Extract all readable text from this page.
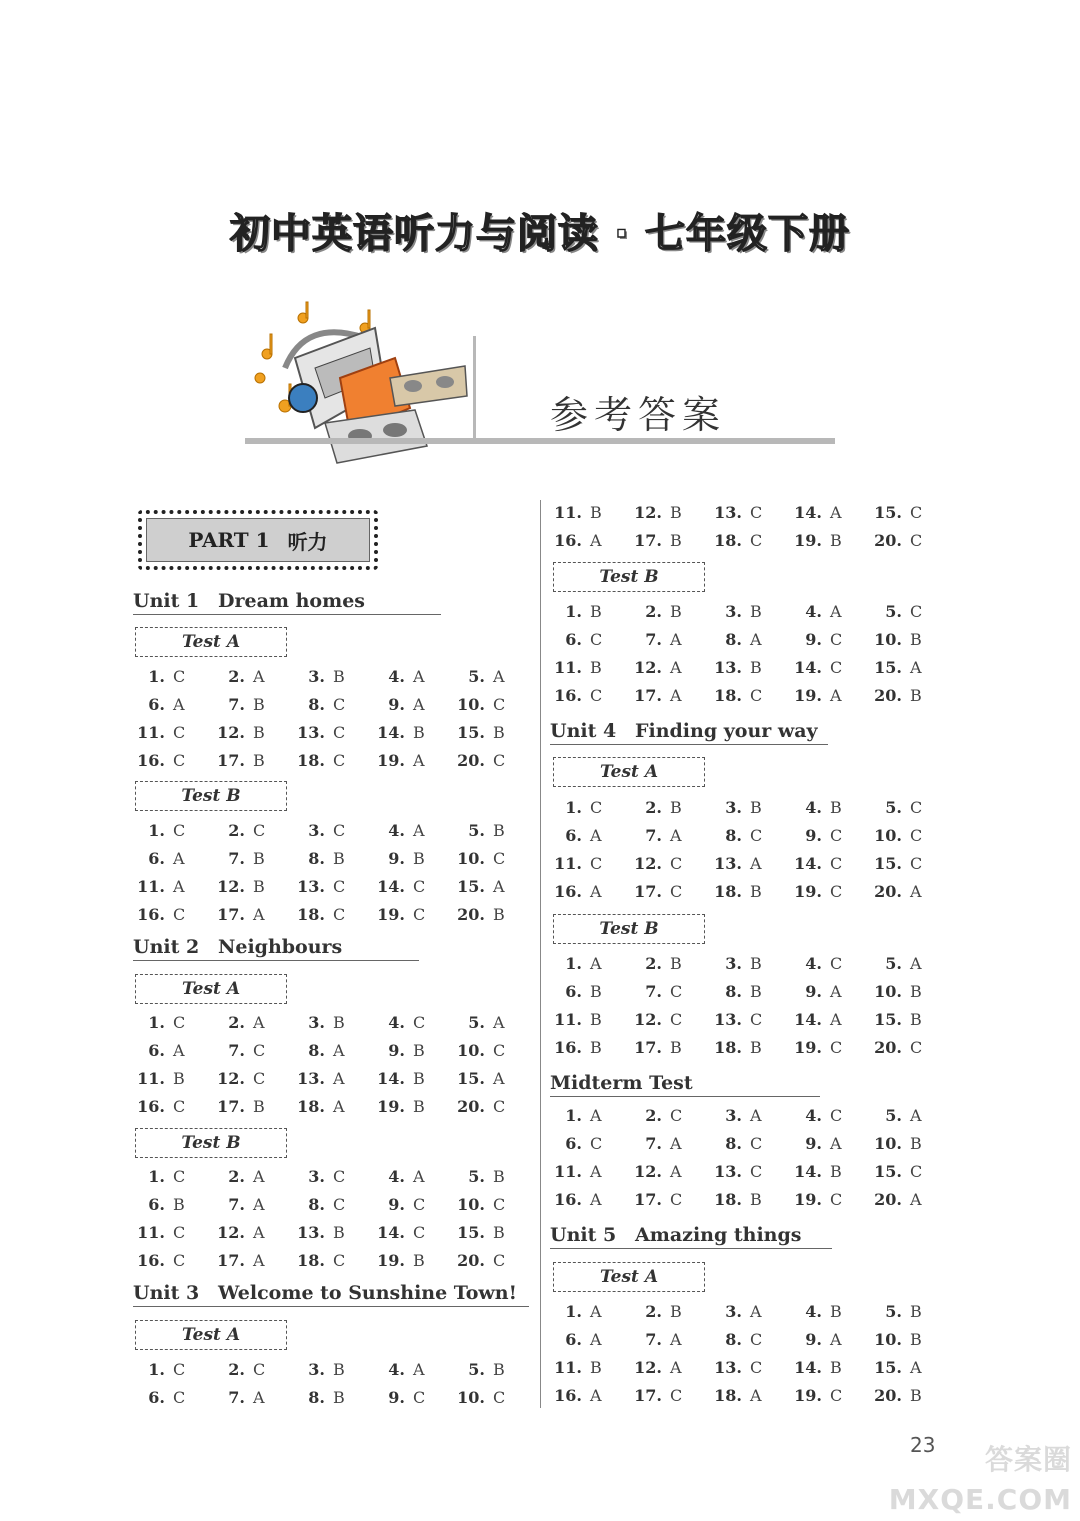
初中英语听力与阅读 · 七年级下册
参考答案
PART 1 听力
Unit 1 Dream homes
Test A
1. C	2. A	3. B	4. A	5. A
6. A	7. B	8. C	9. A 10. C
11. C 12. B 13. C 14. B 15. B
16. C 17. B 18. C 19. A 20. C
Test B
1. C	2. C	3. C	4. A	5. B
6. A	7. B	8. B	9. B 10. C
11. A 12. B 13. C 14. C 15. A
16. C 17. A 18. C 19. C 20. B
Unit 2 Neighbours
Test A
1. C	2. A	3. B	4. C	5. A
6. A	7. C	8. A	9. B 10. C
11. B 12. C 13. A 14. B 15. A
16. C 17. B 18. A 19. B 20. C
Test B
1. C	2. A	3. C	4. A	5. B
6. B	7. A	8. C	9. C 10. C
11. C 12. A 13. B 14. C 15. B
16. C 17. A 18. C 19. B 20. C
Unit 3 Welcome to Sunshine Town!
Test A
1. C	2. C	3. B	4. A	5. B
6. C	7. A	8. B	9. C 10. C
11. B 12. B 13. C 14. A 15. C
16. A 17. B 18. C 19. B 20. C
Test B
1. B	2. B	3. B	4. A	5. C
6. C	7. A	8. A	9. C 10. B
11. B 12. A 13. B 14. C 15. A
16. C 17. A 18. C 19. A 20. B
Unit 4 Finding your way
Test A
1. C	2. B	3. B	4. B	5. C
6. A	7. A	8. C	9. C 10. C
11. C 12. C 13. A 14. C 15. C
16. A 17. C 18. B 19. C 20. A
Test B
1. A	2. B	3. B	4. C	5. A
6. B	7. C	8. B	9. A 10. B
11. B 12. C 13. C 14. A 15. B
16. B 17. B 18. B 19. C 20. C
Midterm Test
1. A	2. C	3. A	4. C	5. A
6. C	7. A	8. C	9. A 10. B
11. A 12. A 13. C 14. B 15. C
16. A 17. C 18. B 19. C 20. A
Unit 5 Amazing things
Test A
1. A	2. B	3. A	4. B	5. B
6. A	7. A	8. C	9. A 10. B
11. B 12. A 13. C 14. B 15. A
16. A 17. C 18. A 19. C 20. B
23	答案圈
MXQE.COM
